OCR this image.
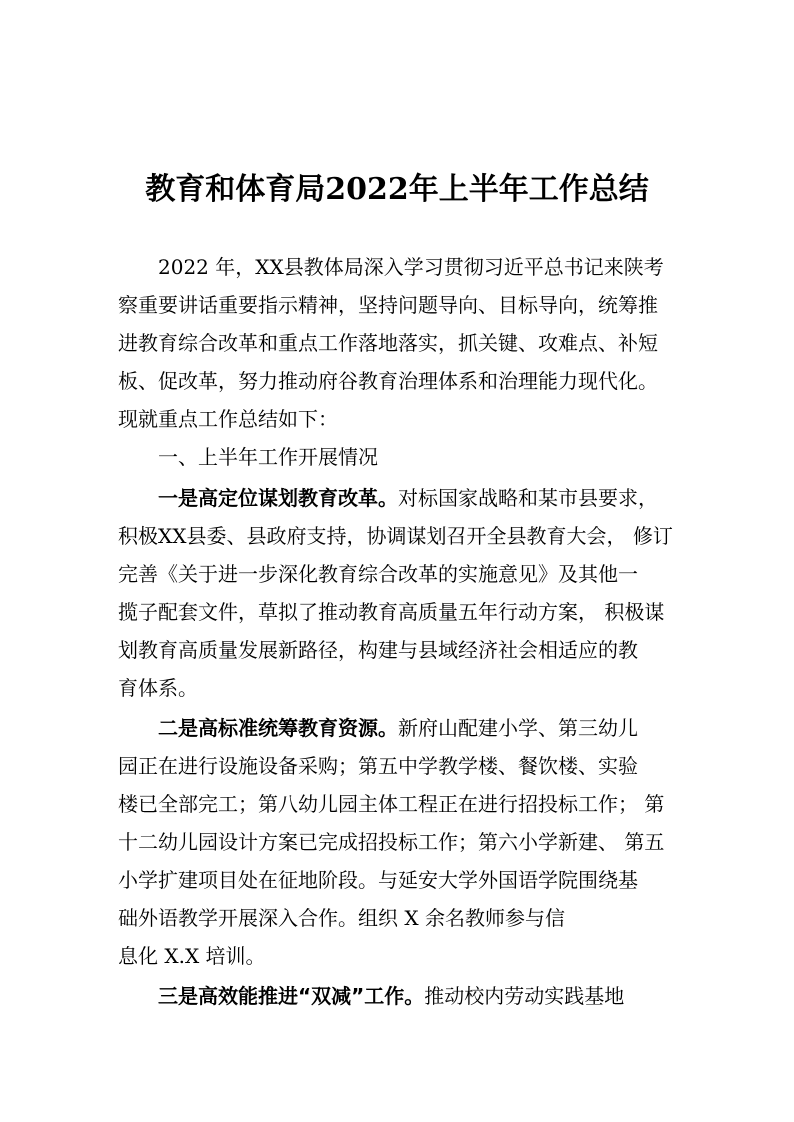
教育和体育局2022年上半年工作总结
2022 年，XX县教体局深入学习贯彻习近平总书记来陕考
察重要讲话重要指示精神，坚持问题导向、目标导向，统筹推
进教育综合改革和重点工作落地落实，抓关键、攻难点、补短
板、促改革，努力推动府谷教育治理体系和治理能力现代化。
现就重点工作总结如下：
一、上半年工作开展情况
一是高定位谋划教育改革。对标国家战略和某市县要求，
积极XX县委、县政府支持，协调谋划召开全县教育大会， 修订
完善《关于进一步深化教育综合改革的实施意见》及其他一
揽子配套文件，草拟了推动教育高质量五年行动方案， 积极谋
划教育高质量发展新路径，构建与县域经济社会相适应的教
育体系。
二是高标准统筹教育资源。新府山配建小学、第三幼儿
园正在进行设施设备采购；第五中学教学楼、餐饮楼、实验
楼已全部完工；第八幼儿园主体工程正在进行招投标工作； 第
十二幼儿园设计方案已完成招投标工作；第六小学新建、 第五
小学扩建项目处在征地阶段。与延安大学外国语学院围绕基
础外语教学开展深入合作。组织 X 余名教师参与信
息化 X.X 培训。
三是高效能推进“双减”工作。推动校内劳动实践基地
